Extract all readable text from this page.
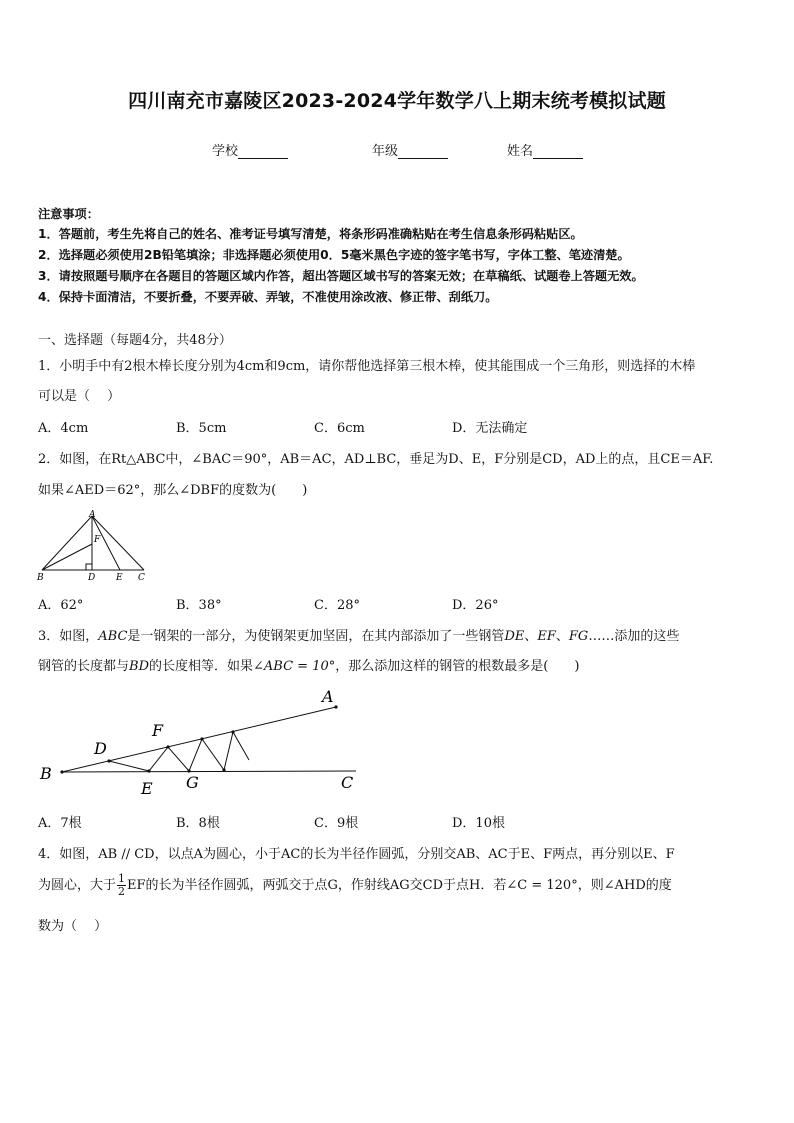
四川南充市嘉陵区2023-2024学年数学八上期末统考模拟试题
学校	年级	姓名
注意事项：
1．答题前，考生先将自己的姓名、准考证号填写清楚，将条形码准确粘贴在考生信息条形码粘贴区。
2．选择题必须使用2B铅笔填涂；非选择题必须使用0．5毫米黑色字迹的签字笔书写，字体工整、笔迹清楚。
3．请按照题号顺序在各题目的答题区域内作答，超出答题区域书写的答案无效；在草稿纸、试题卷上答题无效。
4．保持卡面清洁，不要折叠，不要弄破、弄皱，不准使用涂改液、修正带、刮纸刀。
一、选择题（每题4分，共48分）
1．小明手中有2根木棒长度分别为4cm和9cm，请你帮他选择第三根木棒，使其能围成一个三角形，则选择的木棒
可以是（　 ）
A．4cm	B．5cm	C．6cm	D．无法确定
2．如图，在Rt△ABC中，∠BAC＝90°，AB＝AC，AD⊥BC，垂足为D、E，F分别是CD，AD上的点，且CE＝AF.
如果∠AED＝62°，那么∠DBF的度数为(　　)
A
F
B	D E C
A．62°	B．38°	C．28°	D．26°
3．如图，ABC是一钢架的一部分，为使钢架更加坚固，在其内部添加了一些钢管DE、EF、FG……添加的这些
钢管的长度都与BD的长度相等．如果∠ABC = 10°，那么添加这样的钢管的根数最多是(　　)
A
F
D
B	G
E	C
A．7根	B．8根	C．9根	D．10根
4．如图，AB // CD，以点A为圆心，小于AC的长为半径作圆弧，分别交AB、AC于E、F两点，再分别以E、F
为圆心，大于 $\frac{1}{2}$ EF的长为半径作圆弧，两弧交于点G，作射线AG交CD于点H．若∠C = 120°，则∠AHD的度
数为（　 ）
